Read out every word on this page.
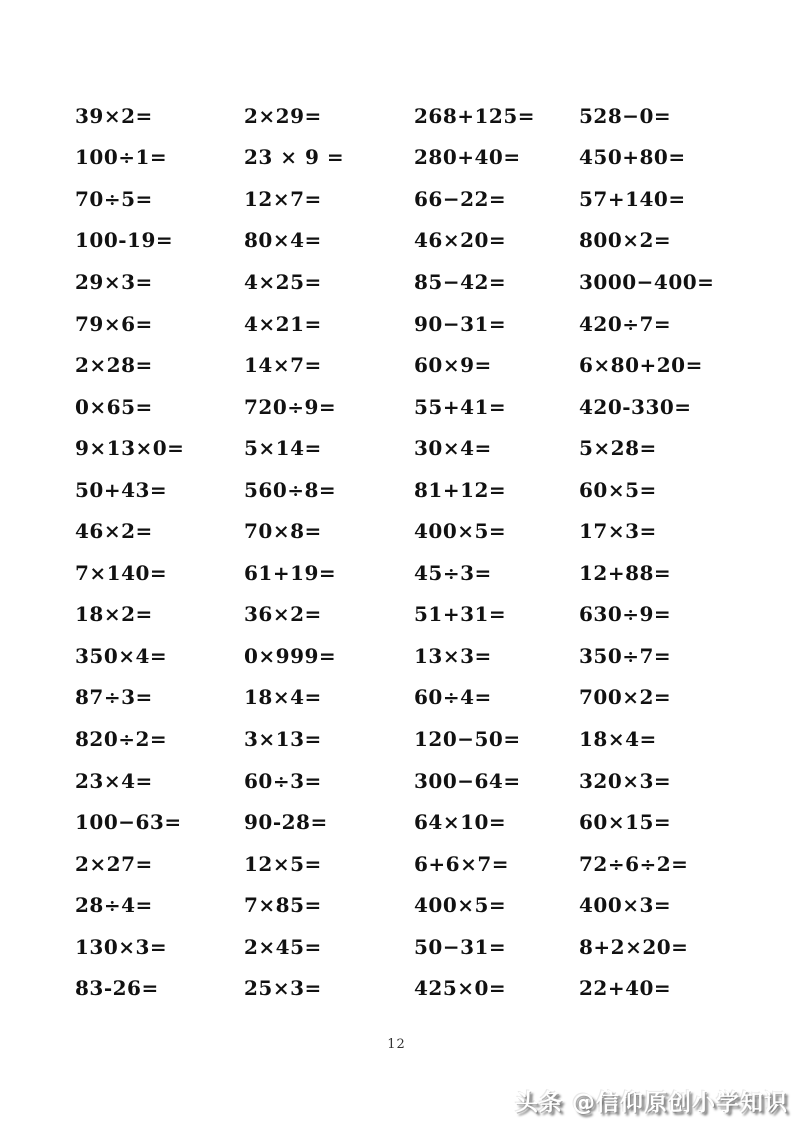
39×2=	2×29=	268+125=	528−0=
100÷1=	23 × 9 =	280+40=	450+80=
70÷5=	12×7=	66−22=	57+140=
100-19=	80×4=	46×20=	800×2=
29×3=	4×25=	85−42=	3000−400=
79×6=	4×21=	90−31=	420÷7=
2×28=	14×7=	60×9=	6×80+20=
0×65=	720÷9=	55+41=	420-330=
9×13×0=	5×14=	30×4=	5×28=
50+43=	560÷8=	81+12=	60×5=
46×2=	70×8=	400×5=	17×3=
7×140=	61+19=	45÷3=	12+88=
18×2=	36×2=	51+31=	630÷9=
350×4=	0×999=	13×3=	350÷7=
87÷3=	18×4=	60÷4=	700×2=
820÷2=	3×13=	120−50=	18×4=
23×4=	60÷3=	300−64=	320×3=
100−63=	90-28=	64×10=	60×15=
2×27=	12×5=	6+6×7=	72÷6÷2=
28÷4=	7×85=	400×5=	400×3=
130×3=	2×45=	50−31=	8+2×20=
83-26=	25×3=	425×0=	22+40=
12
头条 @信仰原创小学知识
